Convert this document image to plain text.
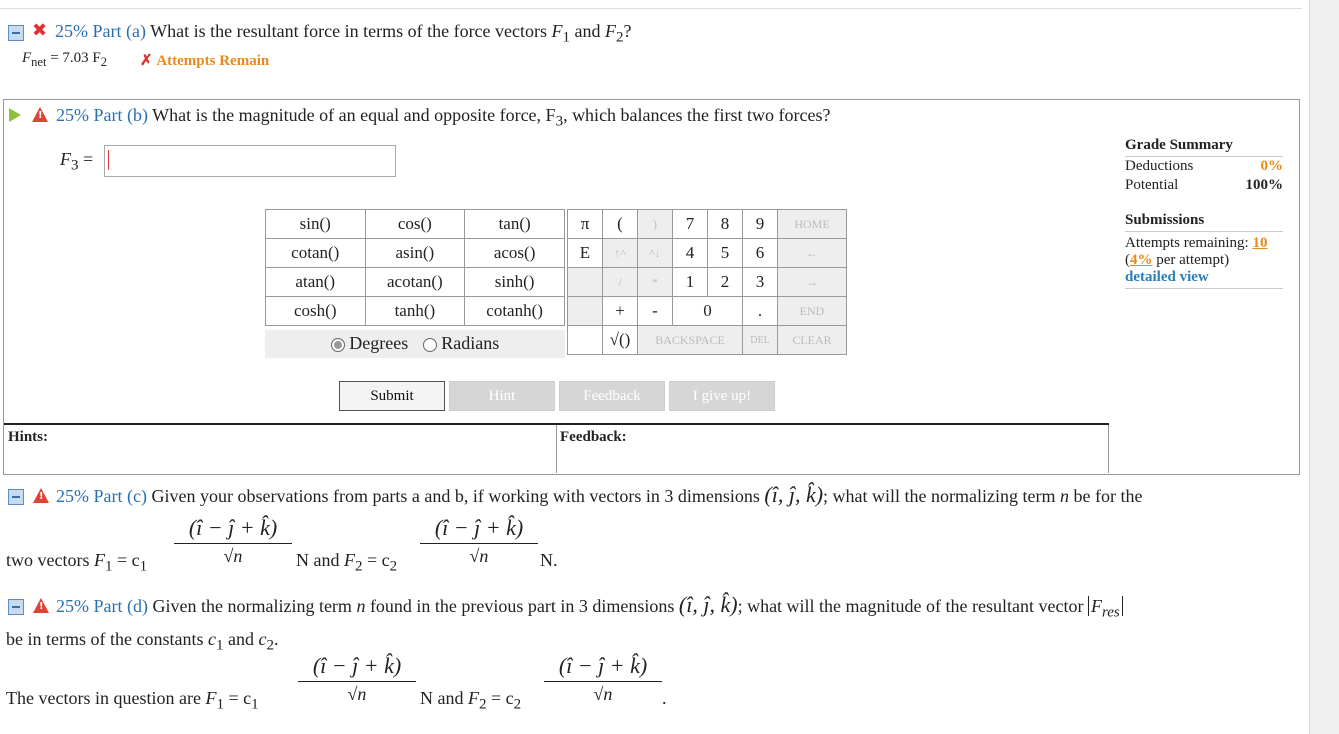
✖ 25% Part (a) What is the resultant force in terms of the force vectors $F_1$ and $F_2$?
$F_{net} = 7.03$ $F_2$ ✗ Attempts Remain
!
25% Part (b) What is the magnitude of an equal and opposite force, $F_3$, which balances the first two forces?
$F_3$ =
Grade Summary
Deductions	0%
Potential	100%
Submissions
Attempts remaining: 10
(4% per attempt)
detailed view
sin()	cos()	tan()
cotan()	asin()	acos()
atan()	acotan()	sinh()
cosh()	tanh()	cotanh()
Degrees Radians
π	(	)	7	8	9	HOME
E	↑^	^↓	4	5	6	←
	/	*	1	2	3	→
	+	-	0		.	END
	√()	BACKSPACE			DEL	CLEAR
Submit	Hint	Feedback	I give up!
Hints:	Feedback:
!
25% Part (c) Given your observations from parts a and b, if working with vectors in 3 dimensions (î, ĵ, k̂); what will the normalizing term n be for the
two vectors $F_1 = c_1$
(î − ĵ + k̂)
√n	N and $F_2 = c_2$
(î − ĵ + k̂)
√n	N.
!
25% Part (d) Given the normalizing term n found in the previous part in 3 dimensions (î, ĵ, k̂); what will the magnitude of the resultant vector $F_{res}$
be in terms of the constants $c_1$ and $c_2$.
The vectors in question are $F_1 = c_1$
(î − ĵ + k̂)
√n	N and $F_2 = c_2$
(î − ĵ + k̂)
√n	.
